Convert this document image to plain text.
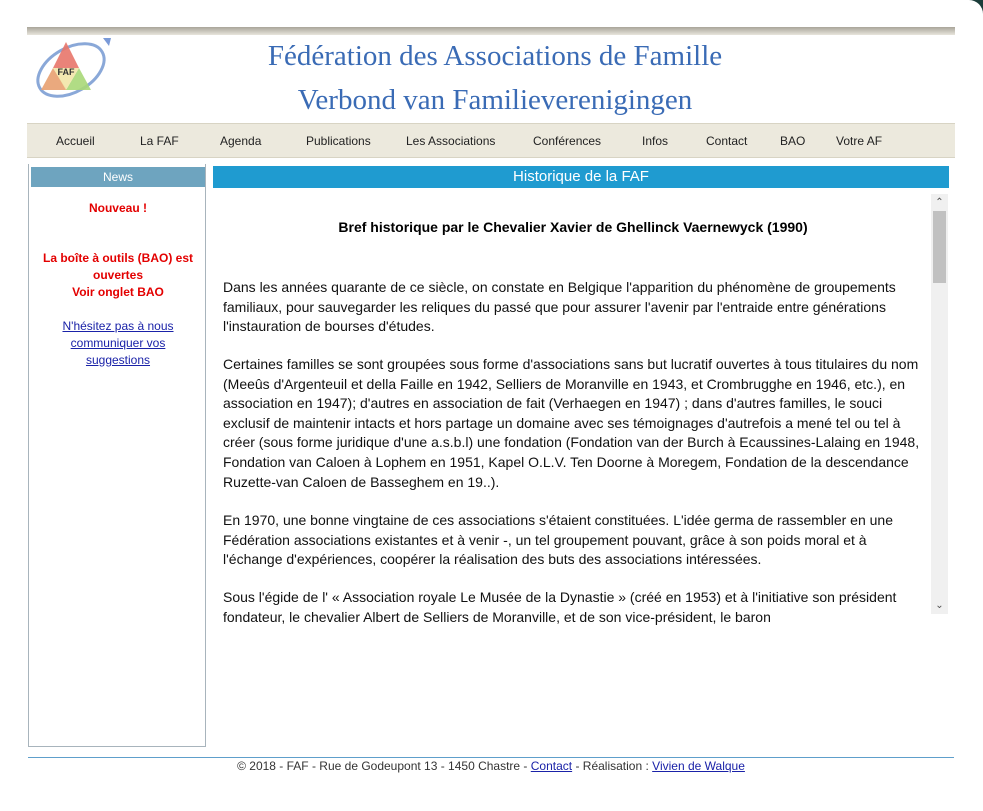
FAF	Fédération des Associations de Famille
Verbond van Familieverenigingen
Accueil	La FAF	Agenda	Publications	Les Associations	Conférences	Infos	Contact	BAO	Votre AF
News
Nouveau !
La boîte à outils (BAO) est ouvertes
Voir onglet BAO
N'hésitez pas à nous communiquer vos suggestions
Historique de la FAF
Bref historique par le Chevalier Xavier de Ghellinck Vaernewyck (1990)
Dans les années quarante de ce siècle, on constate en Belgique l'apparition du phénomène de groupements familiaux, pour sauvegarder les reliques du passé que pour assurer l'avenir par l'entraide entre générations l'instauration de bourses d'études.
Certaines familles se sont groupées sous forme d'associations sans but lucratif ouvertes à tous titulaires du nom (Meeûs d'Argenteuil et della Faille en 1942, Selliers de Moranville en 1943, et Crombrugghe en 1946, etc.), en association en 1947); d'autres en association de fait (Verhaegen en 1947) ; dans d'autres familles, le souci exclusif de maintenir intacts et hors partage un domaine avec ses témoignages d'autrefois a mené tel ou tel à créer (sous forme juridique d'une a.s.b.l) une fondation (Fondation van der Burch à Ecaussines-Lalaing en 1948, Fondation van Caloen à Lophem en 1951, Kapel O.L.V. Ten Doorne à Moregem, Fondation de la descendance Ruzette-van Caloen de Basseghem en 19..).
En 1970, une bonne vingtaine de ces associations s'étaient constituées. L'idée germa de rassembler en une Fédération associations existantes et à venir -, un tel groupement pouvant, grâce à son poids moral et à l'échange d'expériences, coopérer la réalisation des buts des associations intéressées.
Sous l'égide de l' « Association royale Le Musée de la Dynastie » (créé en 1953) et à l'initiative son président fondateur, le chevalier Albert de Selliers de Moranville, et de son vice-président, le baron
⌃
⌄
© 2018 - FAF - Rue de Godeupont 13 - 1450 Chastre - Contact - Réalisation : Vivien de Walque
